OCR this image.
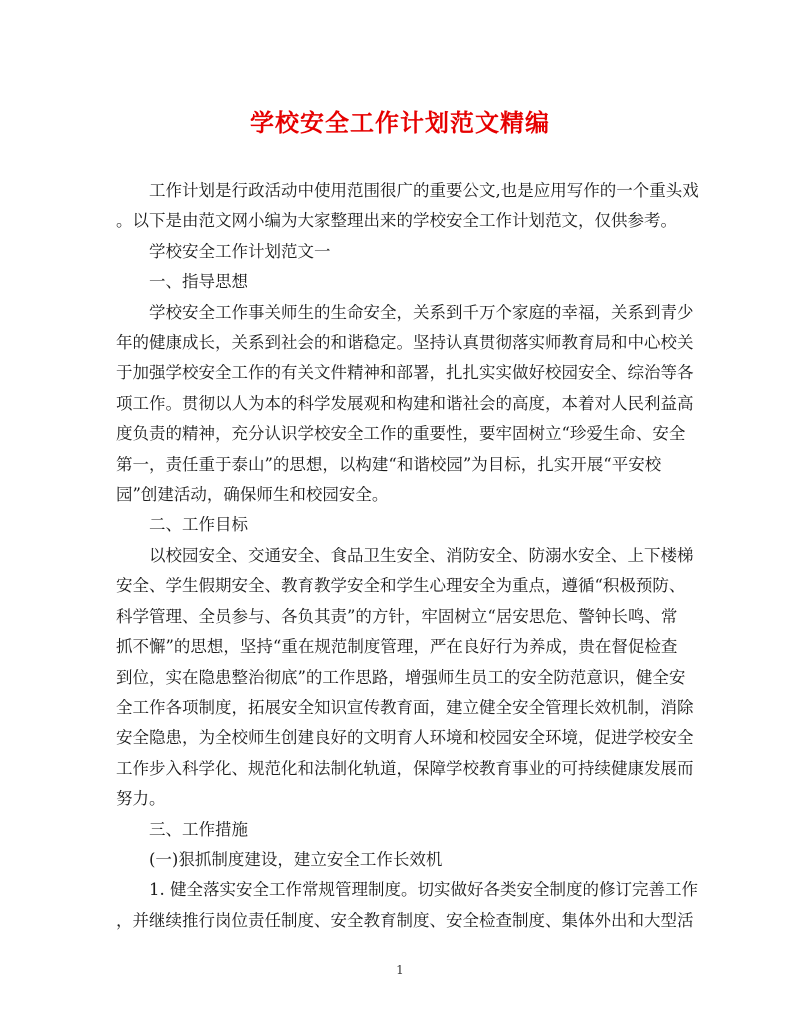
学校安全工作计划范文精编

工作计划是行政活动中使用范围很广的重要公文,也是应用写作的一个重头戏

。以下是由范文网小编为大家整理出来的学校安全工作计划范文，仅供参考。

学校安全工作计划范文一

一、指导思想

学校安全工作事关师生的生命安全，关系到千万个家庭的幸福，关系到青少

年的健康成长，关系到社会的和谐稳定。坚持认真贯彻落实师教育局和中心校关

于加强学校安全工作的有关文件精神和部署，扎扎实实做好校园安全、综治等各

项工作。贯彻以人为本的科学发展观和构建和谐社会的高度，本着对人民利益高

度负责的精神，充分认识学校安全工作的重要性，要牢固树立“珍爱生命、安全

第一，责任重于泰山”的思想，以构建“和谐校园”为目标，扎实开展“平安校

园”创建活动，确保师生和校园安全。

二、工作目标

以校园安全、交通安全、食品卫生安全、消防安全、防溺水安全、上下楼梯

安全、学生假期安全、教育教学安全和学生心理安全为重点，遵循“积极预防、

科学管理、全员参与、各负其责”的方针，牢固树立“居安思危、警钟长鸣、常

抓不懈”的思想，坚持“重在规范制度管理，严在良好行为养成，贵在督促检查

到位，实在隐患整治彻底”的工作思路，增强师生员工的安全防范意识，健全安

全工作各项制度，拓展安全知识宣传教育面，建立健全安全管理长效机制，消除

安全隐患，为全校师生创建良好的文明育人环境和校园安全环境，促进学校安全

工作步入科学化、规范化和法制化轨道，保障学校教育事业的可持续健康发展而

努力。

三、工作措施

(一)狠抓制度建设，建立安全工作长效机

1. 健全落实安全工作常规管理制度。切实做好各类安全制度的修订完善工作

，并继续推行岗位责任制度、安全教育制度、安全检查制度、集体外出和大型活

1
